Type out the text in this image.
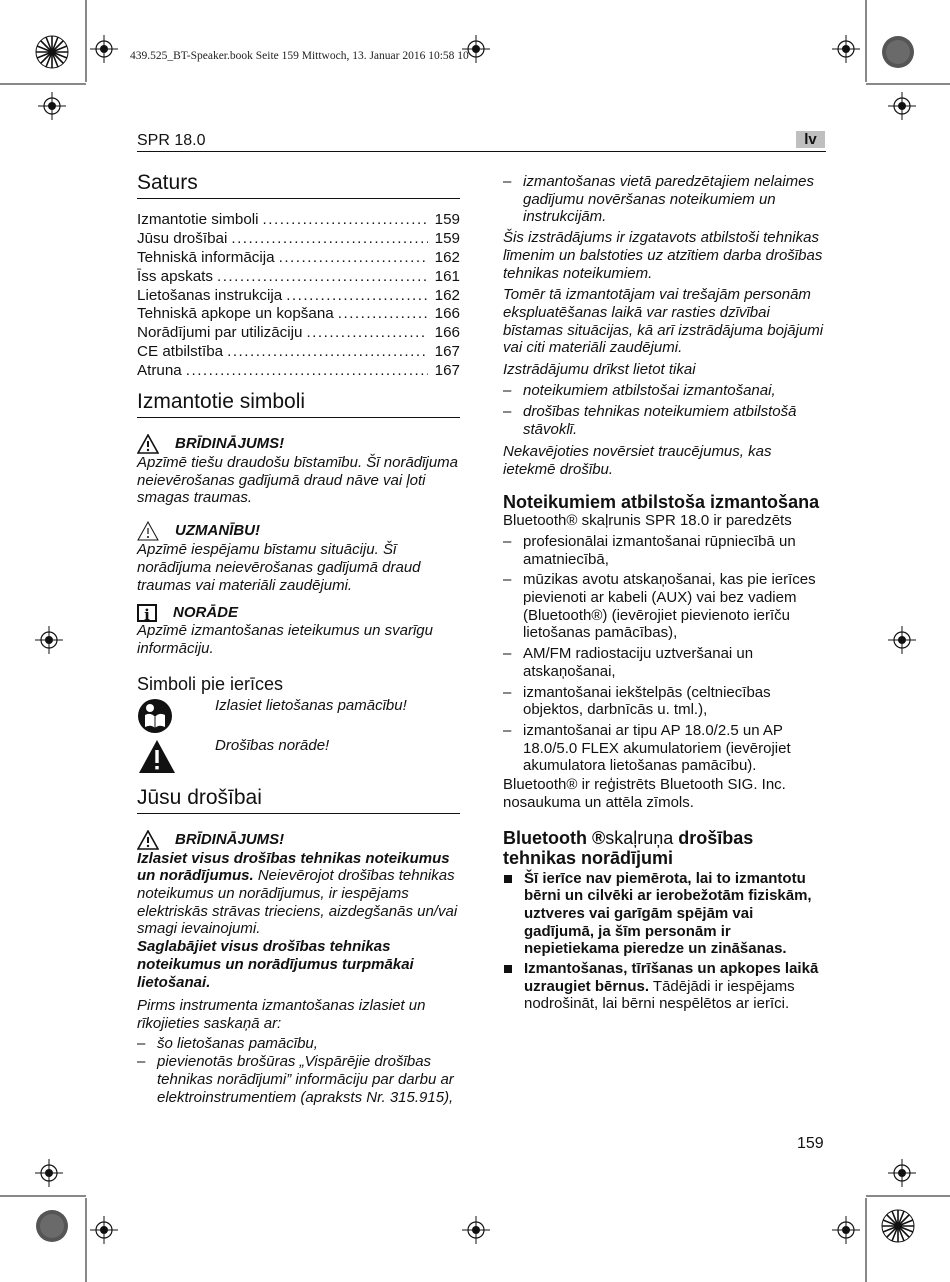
439.525_BT-Speaker.book Seite 159 Mittwoch, 13. Januar 2016 10:58 10
SPR 18.0	lv
Saturs
Izmantotie simboli .....	159
Jūsu drošībai .....	159
Tehniskā informācija .....	162
Īss apskats .....	161
Lietošanas instrukcija .....	162
Tehniskā apkope un kopšana .....	166
Norādījumi par utilizāciju .....	166
CE atbilstība .....	167
Atruna .....	167
Izmantotie simboli
BRĪDINĀJUMS!

Apzīmē tiešu draudošu bīstamību. Šī norādījuma neievērošanas gadījumā draud nāve vai ļoti smagas traumas.

UZMANĪBU!

Apzīmē iespējamu bīstamu situāciju. Šī norādījuma neievērošanas gadījumā draud traumas vai materiāli zaudējumi.

i	NORĀDE

Apzīmē izmantošanas ieteikumus un svarīgu informāciju.

Simboli pie ierīces
Izlasiet lietošanas pamācību!
Drošības norāde!
Jūsu drošībai
BRĪDINĀJUMS!

Izlasiet visus drošības tehnikas noteikumus un norādījumus. Neievērojot drošības tehnikas noteikumus un norādījumus, ir iespējams elektriskās strāvas trieciens, aizdegšanās un/vai smagi ievainojumi.

Saglabājiet visus drošības tehnikas noteikumus un norādījumus turpmākai lietošanai.

Pirms instrumenta izmantošanas izlasiet un rīkojieties saskaņā ar:

– šo lietošanas pamācību,
– pievienotās brošūras „Vispārējie drošības tehnikas norādījumi” informāciju par darbu ar elektroinstrumentiem (apraksts Nr. 315.915),
– izmantošanas vietā paredzētajiem nelaimes gadījumu novēršanas noteikumiem un instrukcijām.

Šis izstrādājums ir izgatavots atbilstoši tehnikas līmenim un balstoties uz atzītiem darba drošības tehnikas noteikumiem.

Tomēr tā izmantotājam vai trešajām personām ekspluatēšanas laikā var rasties dzīvībai bīstamas situācijas, kā arī izstrādājuma bojājumi vai citi materiāli zaudējumi.

Izstrādājumu drīkst lietot tikai

– noteikumiem atbilstošai izmantošanai,
– drošības tehnikas noteikumiem atbilstošā stāvoklī.

Nekavējoties novērsiet traucējumus, kas ietekmē drošību.

Noteikumiem atbilstoša izmantošana

Bluetooth® skaļrunis SPR 18.0 ir paredzēts

– profesionālai izmantošanai rūpniecībā un amatniecībā,
– mūzikas avotu atskaņošanai, kas pie ierīces pievienoti ar kabeli (AUX) vai bez vadiem (Bluetooth®) (ievērojiet pievienoto ierīču lietošanas pamācības),
– AM/FM radiostaciju uztveršanai un atskaņošanai,
– izmantošanai iekštelpās (celtniecības objektos, darbnīcās u. tml.),
– izmantošanai ar tipu AP 18.0/2.5 un AP 18.0/5.0 FLEX akumulatoriem (ievērojiet akumulatora lietošanas pamācību).

Bluetooth® ir reģistrēts Bluetooth SIG. Inc. nosaukuma un attēla zīmols.

Bluetooth ®skaļruņa drošības tehnikas norādījumi
Šī ierīce nav piemērota, lai to izmantotu bērni un cilvēki ar ierobežotām fiziskām, uztveres vai garīgām spējām vai gadījumā, ja šīm personām ir nepietiekama pieredze un zināšanas.
Izmantošanas, tīrīšanas un apkopes laikā uzraugiet bērnus. Tādējādi ir iespējams nodrošināt, lai bērni nespēlētos ar ierīci.
159
